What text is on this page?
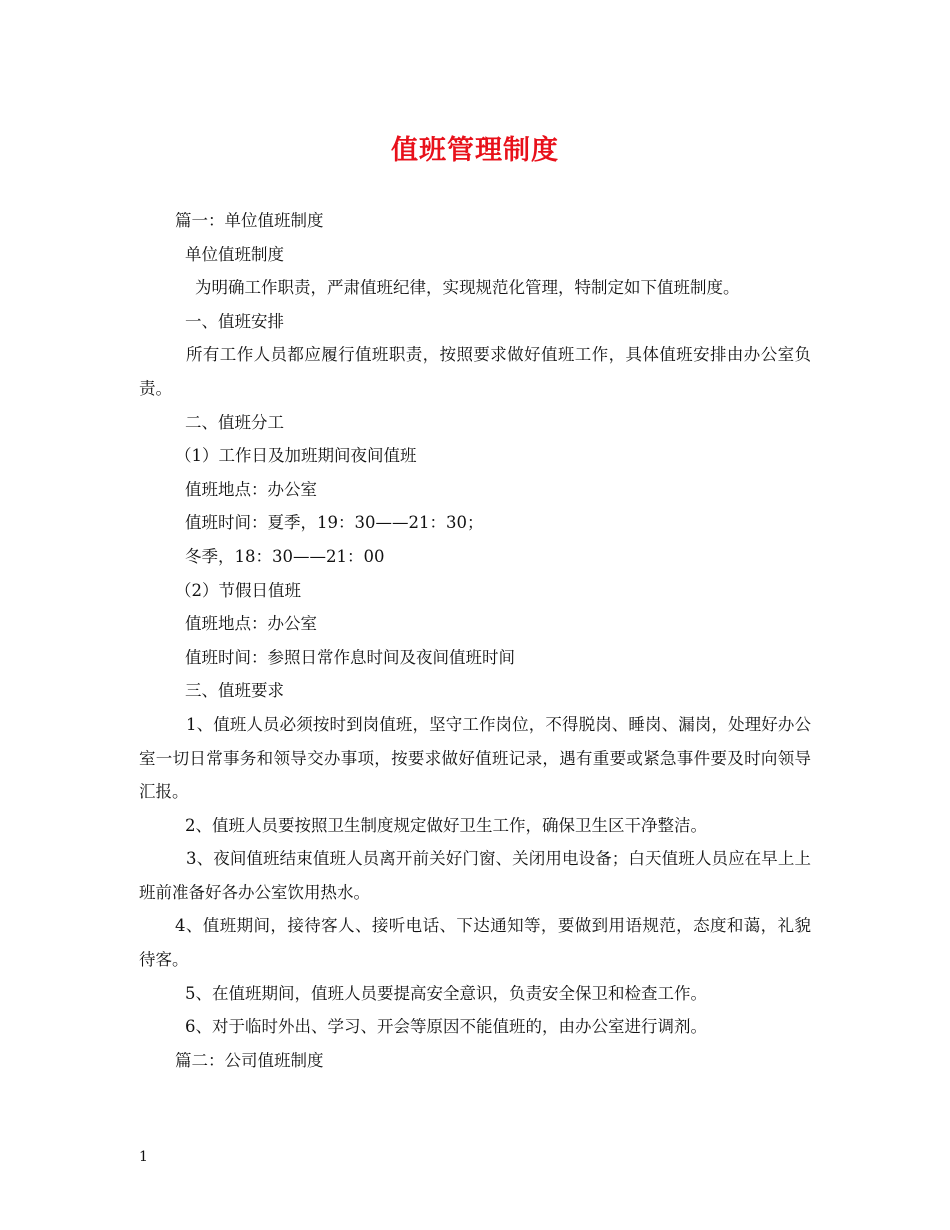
值班管理制度

篇一：单位值班制度

单位值班制度

为明确工作职责，严肃值班纪律，实现规范化管理，特制定如下值班制度。

一、值班安排

所有工作人员都应履行值班职责，按照要求做好值班工作，具体值班安排由办公室负责。

二、值班分工

（1）工作日及加班期间夜间值班

值班地点：办公室

值班时间：夏季，19：30——21：30；

冬季，18：30——21：00

（2）节假日值班

值班地点：办公室

值班时间：参照日常作息时间及夜间值班时间

三、值班要求

1、值班人员必须按时到岗值班，坚守工作岗位，不得脱岗、睡岗、漏岗，处理好办公室一切日常事务和领导交办事项，按要求做好值班记录，遇有重要或紧急事件要及时向领导汇报。

2、值班人员要按照卫生制度规定做好卫生工作，确保卫生区干净整洁。

3、夜间值班结束值班人员离开前关好门窗、关闭用电设备；白天值班人员应在早上上班前准备好各办公室饮用热水。

4、值班期间，接待客人、接听电话、下达通知等，要做到用语规范，态度和蔼，礼貌待客。

5、在值班期间，值班人员要提高安全意识，负责安全保卫和检查工作。

6、对于临时外出、学习、开会等原因不能值班的，由办公室进行调剂。

篇二：公司值班制度

1
